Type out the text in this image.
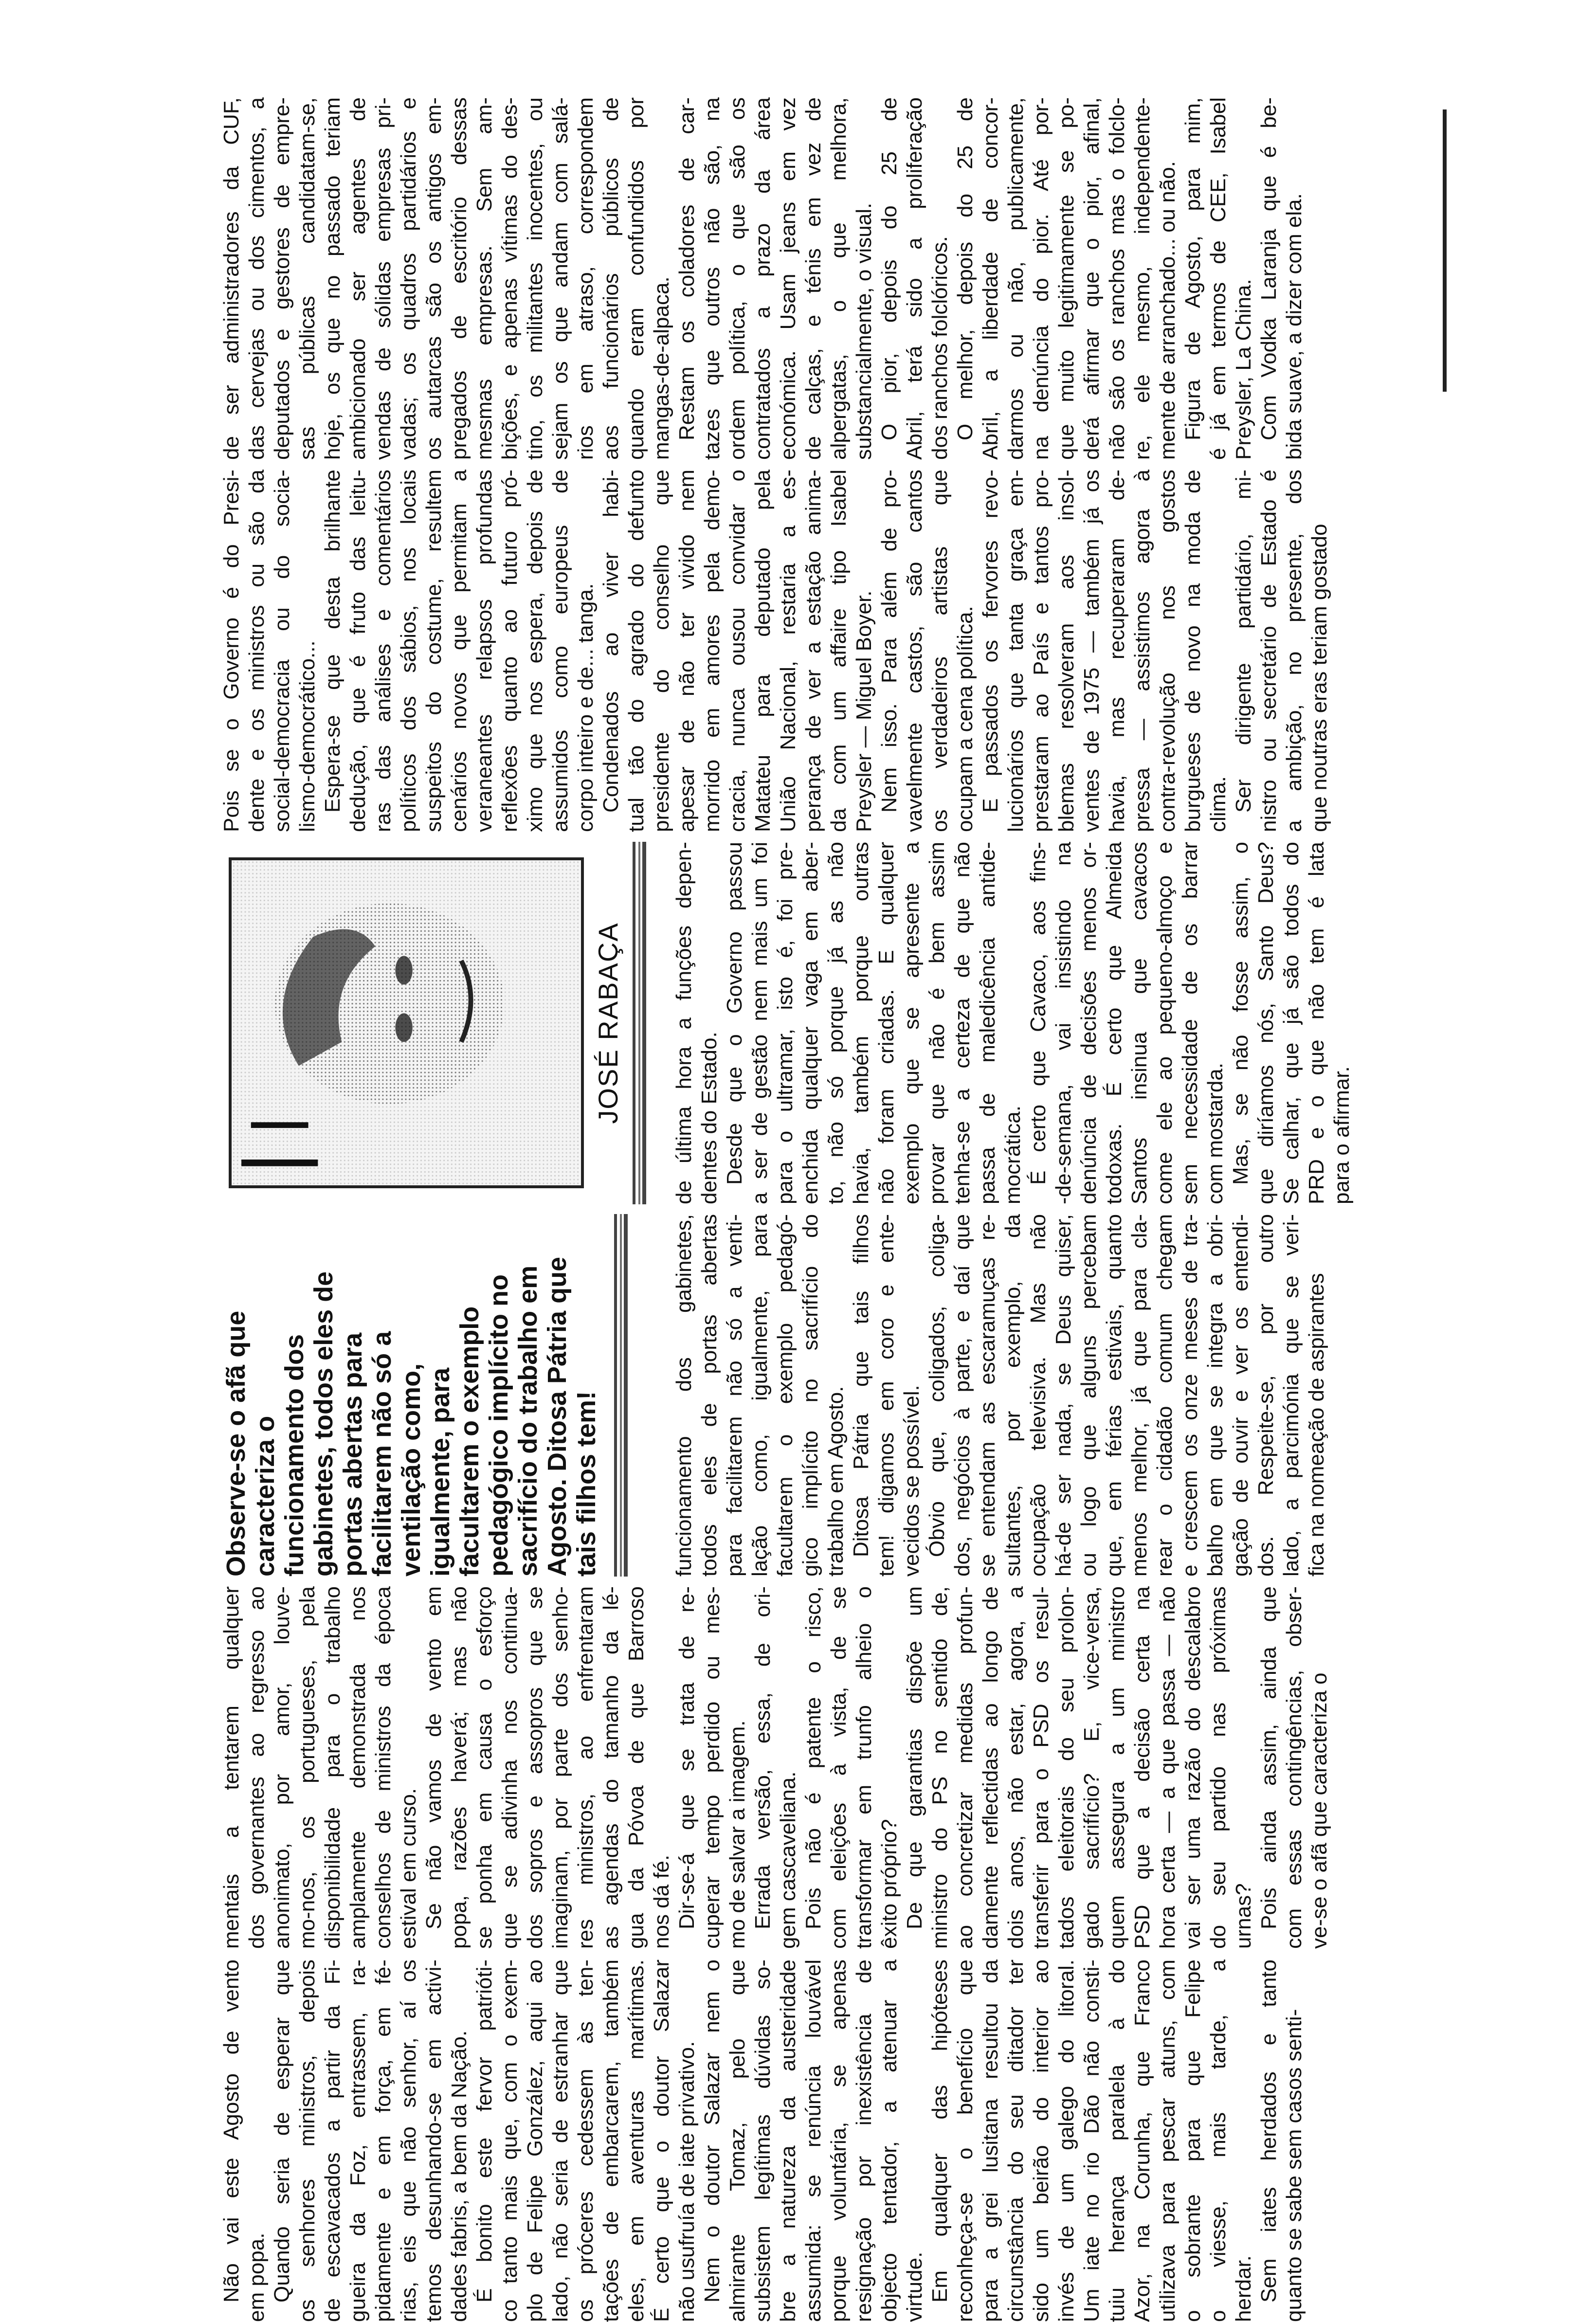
Observe-se o afã que caracteriza o funcionamento dos gabinetes, todos eles de portas abertas para facilitarem não só a ventilação como, igualmente, para facultarem o exemplo pedagógico implícito no sacrifício do trabalho em Agosto. Ditosa Pátria que tais filhos tem!
JOSÉ RABAÇA
Não vai este Agosto de vento em popa. Quando seria de esperar que os senhores ministros, depois de escavacados a partir da Fi- gueira da Foz, entrassem, ra- pidamente e em força, em fé- rias, eis que não senhor, aí os temos desunhando-se em activi- dades fabris, a bem da Nação. É bonito este fervor patrióti- co tanto mais que, com o exem- plo de Felipe González, aqui ao lado, não seria de estranhar que os próceres cedessem às ten- tações de embarcarem, também eles, em aventuras marítimas. É certo que o doutor Salazar não usufruía de iate privativo. Nem o doutor Salazar nem o almirante Tomaz, pelo que subsistem legítimas dúvidas so- bre a natureza da austeridade assumida: se renúncia louvável porque voluntária, se apenas resignação por inexistência de objecto tentador, a atenuar a virtude. Em qualquer das hipóteses reconheça-se o benefício que para a grei lusitana resultou da circunstância do seu ditador ter sido um beirão do interior ao invés de um galego do litoral. Um iate no rio Dão não consti- tuiu herança paralela à do Azor, na Corunha, que Franco utilizava para pescar atuns, com o sobrante para que Felipe o viesse, mais tarde, a herdar. Sem iates herdados e tanto quanto se sabe sem casos senti-
mentais a tentarem qualquer dos governantes ao regresso ao anonimato, por amor, louve- mo-nos, os portugueses, pela disponibilidade para o trabalho amplamente demonstrada nos conselhos de ministros da época estival em curso. Se não vamos de vento em popa, razões haverá; mas não se ponha em causa o esforço que se adivinha nos continua- dos sopros e assopros que se imaginam, por parte dos senho- res ministros, ao enfrentaram as agendas do tamanho da lé- gua da Póvoa de que Barroso nos dá fé. Dir-se-á que se trata de re- cuperar tempo perdido ou mes- mo de salvar a imagem. Errada versão, essa, de ori- gem cascaveliana. Pois não é patente o risco, com eleições à vista, de se transformar em trunfo alheio o êxito próprio? De que garantias dispõe um ministro do PS no sentido de, ao concretizar medidas profun- damente reflectidas ao longo de dois anos, não estar, agora, a transferir para o PSD os resul- tados eleitorais do seu prolon- gado sacrifício? E, vice-versa, quem assegura a um ministro PSD que a decisão certa na hora certa — a que passa — não vai ser uma razão do descalabro do seu partido nas próximas urnas? Pois ainda assim, ainda que com essas contingências, obser- ve-se o afã que caracteriza o
funcionamento dos gabinetes, todos eles de portas abertas para facilitarem não só a venti- lação como, igualmente, para facultarem o exemplo pedagó- gico implícito no sacrifício do trabalho em Agosto. Ditosa Pátria que tais filhos tem! digamos em coro e ente- vecidos se possível. Óbvio que, coligados, coliga- dos, negócios à parte, e daí que se entendam as escaramuças re- sultantes, por exemplo, da ocupação televisiva. Mas não há-de ser nada, se Deus quiser, ou logo que alguns percebam que, em férias estivais, quanto menos melhor, já que para cla- rear o cidadão comum chegam e crescem os onze meses de tra- balho em que se integra a obri- gação de ouvir e ver os entendi- dos. Respeite-se, por outro lado, a parcimónia que se veri- fica na nomeação de aspirantes
de última hora a funções depen- dentes do Estado. Desde que o Governo passou a ser de gestão nem mais um foi para o ultramar, isto é, foi pre- enchida qualquer vaga em aber- to, não só porque já as não havia, também porque outras não foram criadas. E qualquer exemplo que se apresente a provar que não é bem assim tenha-se a certeza de que não passa de maledicência antide- mocrática. É certo que Cavaco, aos fins- -de-semana, vai insistindo na denúncia de decisões menos or- todoxas. É certo que Almeida Santos insinua que cavacos come ele ao pequeno-almoço e sem necessidade de os barrar com mostarda. Mas, se não fosse assim, o que diríamos nós, Santo Deus? Se calhar, que já são todos do PRD e o que não tem é lata para o afirmar.
Pois se o Governo é do Presi- dente e os ministros ou são da social-democracia ou do socia- lismo-democrático... Espera-se que desta brilhante dedução, que é fruto das leitu- ras das análises e comentários políticos dos sábios, nos locais suspeitos do costume, resultem cenários novos que permitam a veraneantes relapsos profundas reflexões quanto ao futuro pró- ximo que nos espera, depois de assumidos como europeus de corpo inteiro e de... tanga. Condenados ao viver habi- tual tão do agrado do defunto presidente do conselho que apesar de não ter vivido nem morrido em amores pela demo- cracia, nunca ousou convidar o Matateu para deputado pela União Nacional, restaria a es- perança de ver a estação anima- da com um affaire tipo Isabel Preysler — Miguel Boyer. Nem isso. Para além de pro- vavelmente castos, são cantos os verdadeiros artistas que ocupam a cena política. E passados os fervores revo- lucionários que tanta graça em- prestaram ao País e tantos pro- blemas resolveram aos insol- ventes de 1975 — também já os havia, mas recuperaram de- pressa — assistimos agora à contra-revolução nos gostos burgueses de novo na moda de clima. Ser dirigente partidário, mi- nistro ou secretário de Estado é a ambição, no presente, dos que noutras eras teriam gostado
de ser administradores da CUF, das cervejas ou dos cimentos, a deputados e gestores de empre- sas públicas candidatam-se, hoje, os que no passado teriam ambicionado ser agentes de vendas de sólidas empresas pri- vadas; os quadros partidários e os autarcas são os antigos em- pregados de escritório dessas mesmas empresas. Sem am- bições, e apenas vítimas do des- tino, os militantes inocentes, ou sejam os que andam com salá- rios em atraso, correspondem aos funcionários públicos de quando eram confundidos por mangas-de-alpaca. Restam os coladores de car- tazes que outros não são, na ordem política, o que são os contratados a prazo da área económica. Usam jeans em vez de calças, e ténis em vez de alpergatas, o que melhora, substancialmente, o visual. O pior, depois do 25 de Abril, terá sido a proliferação dos ranchos folclóricos. O melhor, depois do 25 de Abril, a liberdade de concor- darmos ou não, publicamente, na denúncia do pior. Até por- que muito legitimamente se po- derá afirmar que o pior, afinal, não são os ranchos mas o folclo- re, ele mesmo, independente- mente de arranchado... ou não. Figura de Agosto, para mim, é já em termos de CEE, Isabel Preysler, La China. Com Vodka Laranja que é be- bida suave, a dizer com ela.
